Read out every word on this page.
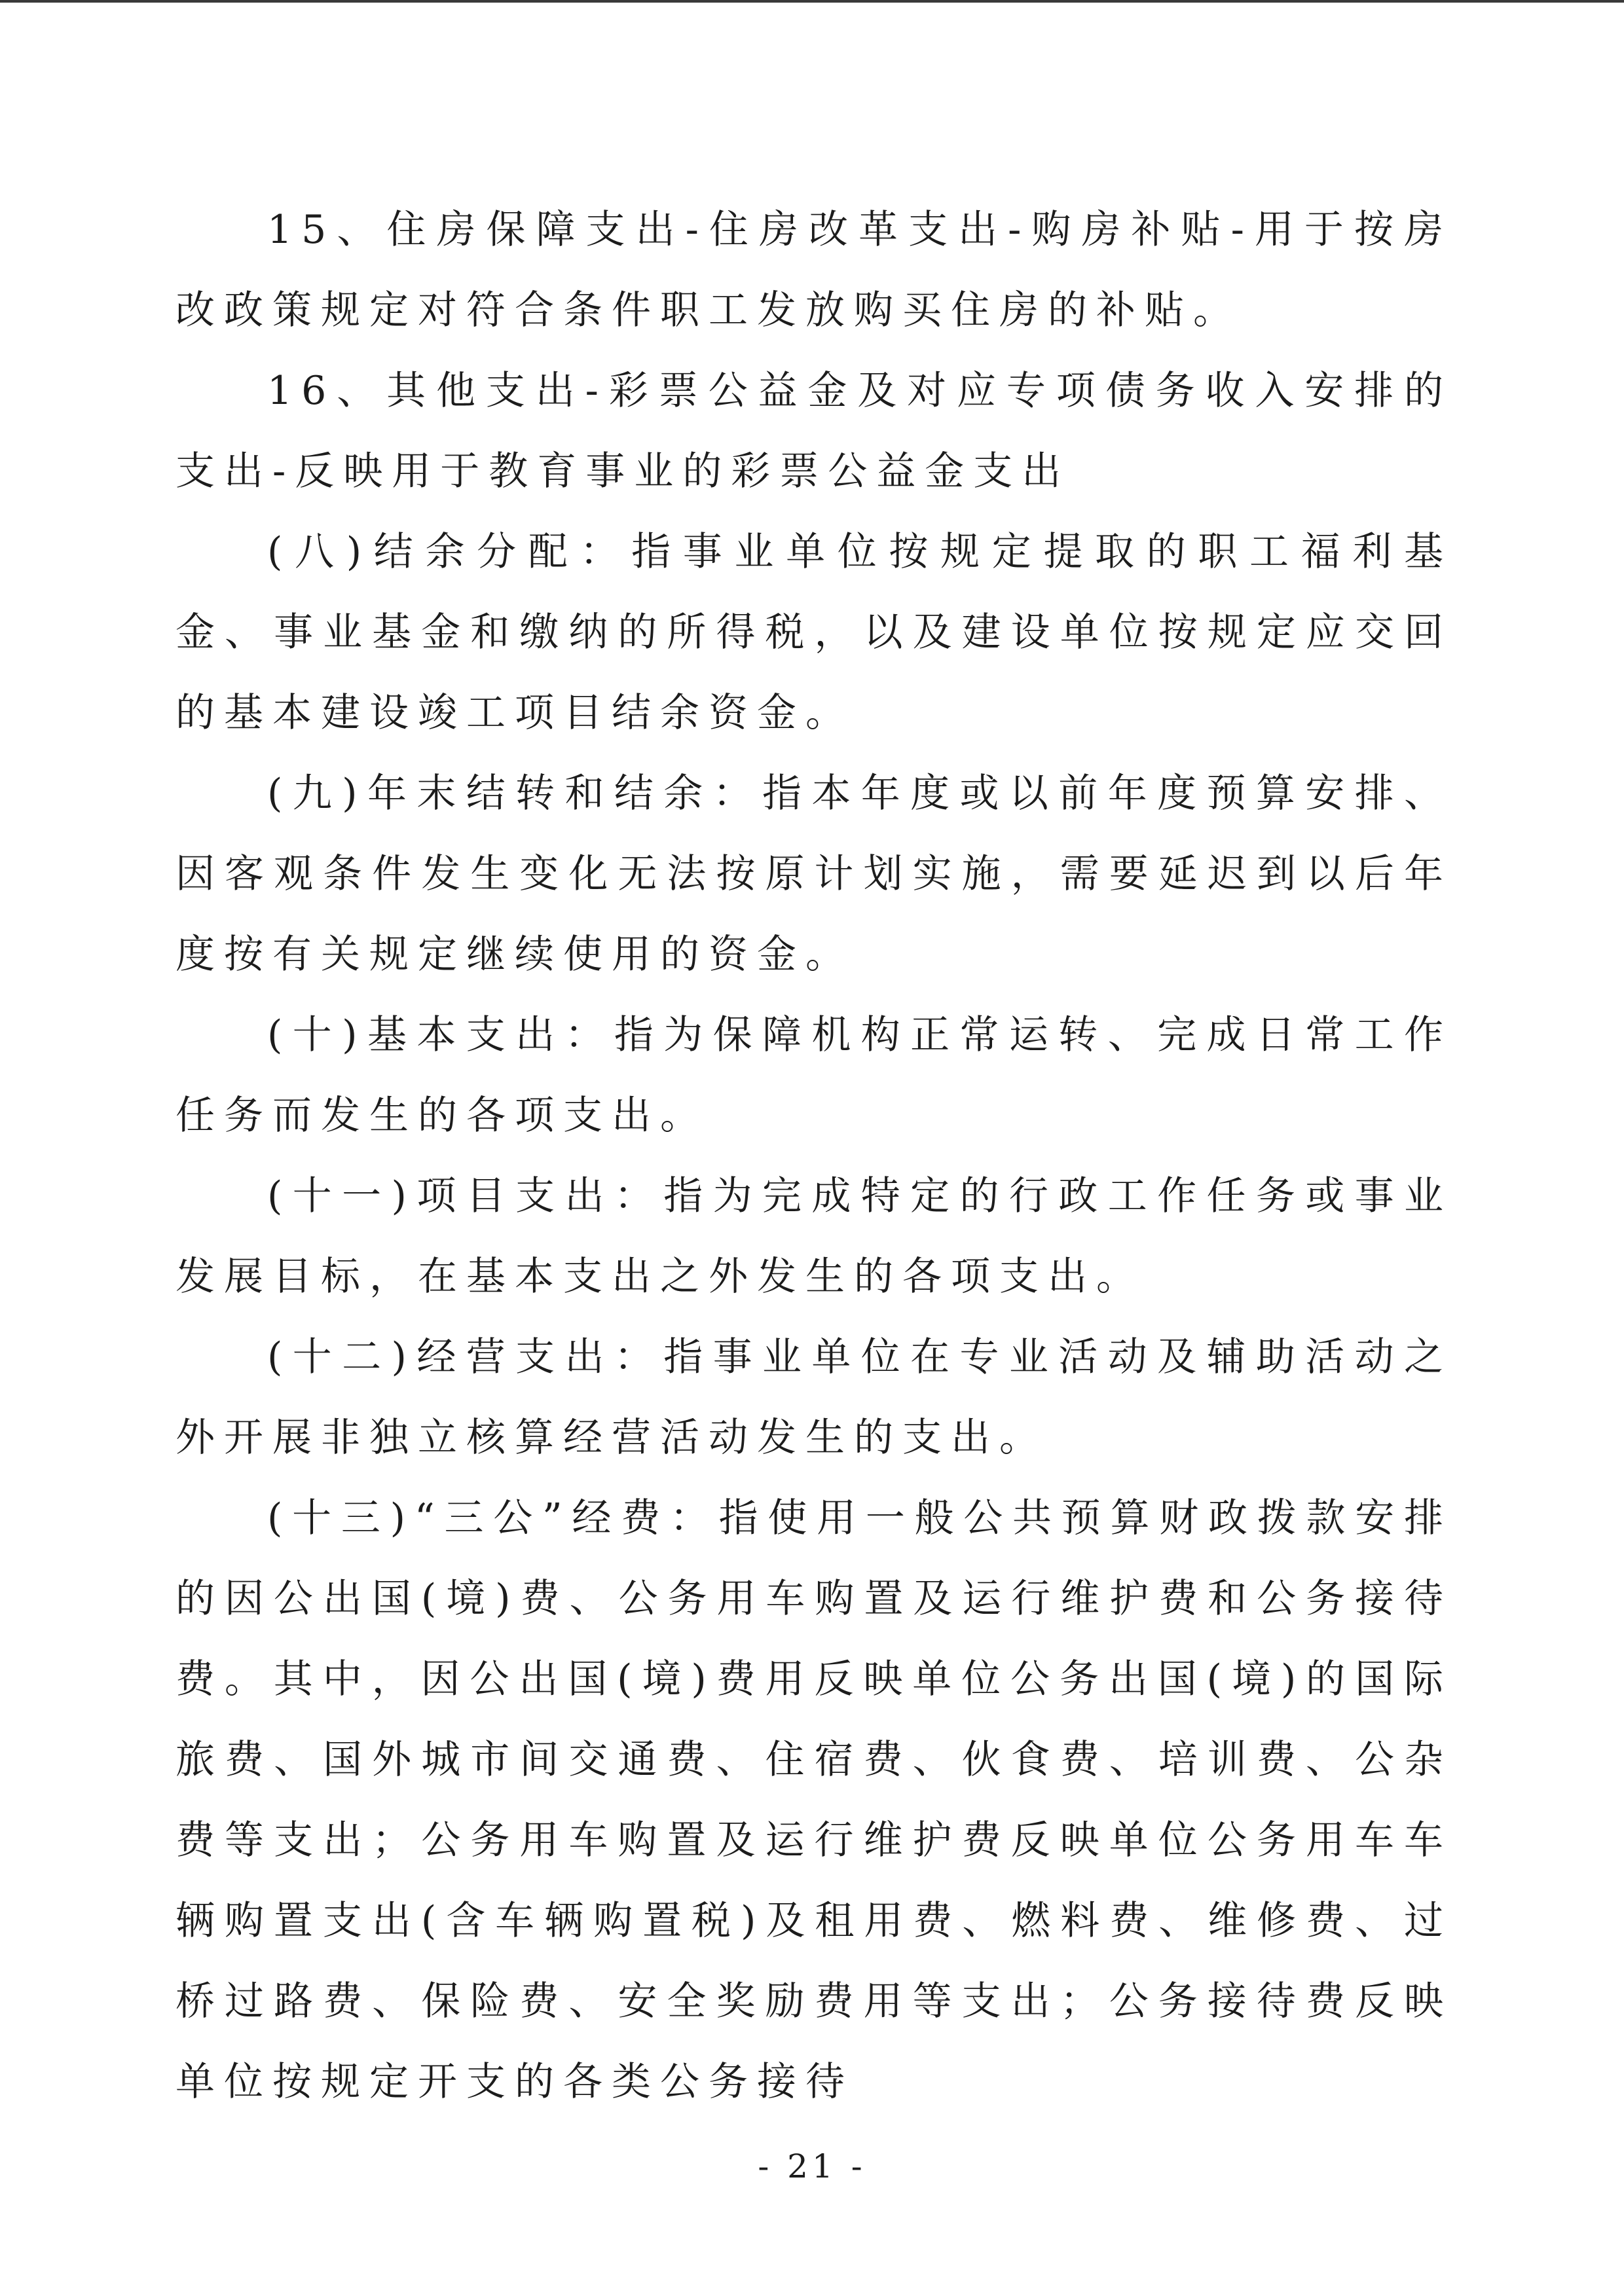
15、住房保障支出-住房改革支出-购房补贴-用于按房改政策规定对符合条件职工发放购买住房的补贴。

16、其他支出-彩票公益金及对应专项债务收入安排的支出-反映用于教育事业的彩票公益金支出

(八)结余分配：指事业单位按规定提取的职工福利基金、事业基金和缴纳的所得税，以及建设单位按规定应交回的基本建设竣工项目结余资金。

(九)年末结转和结余：指本年度或以前年度预算安排、因客观条件发生变化无法按原计划实施，需要延迟到以后年度按有关规定继续使用的资金。

(十)基本支出：指为保障机构正常运转、完成日常工作任务而发生的各项支出。

(十一)项目支出：指为完成特定的行政工作任务或事业发展目标，在基本支出之外发生的各项支出。

(十二)经营支出：指事业单位在专业活动及辅助活动之外开展非独立核算经营活动发生的支出。

(十三)“三公”经费：指使用一般公共预算财政拨款安排的因公出国(境)费、公务用车购置及运行维护费和公务接待费。其中，因公出国(境)费用反映单位公务出国(境)的国际旅费、国外城市间交通费、住宿费、伙食费、培训费、公杂费等支出；公务用车购置及运行维护费反映单位公务用车车辆购置支出(含车辆购置税)及租用费、燃料费、维修费、过桥过路费、保险费、安全奖励费用等支出；公务接待费反映单位按规定开支的各类公务接待

- 21 -
